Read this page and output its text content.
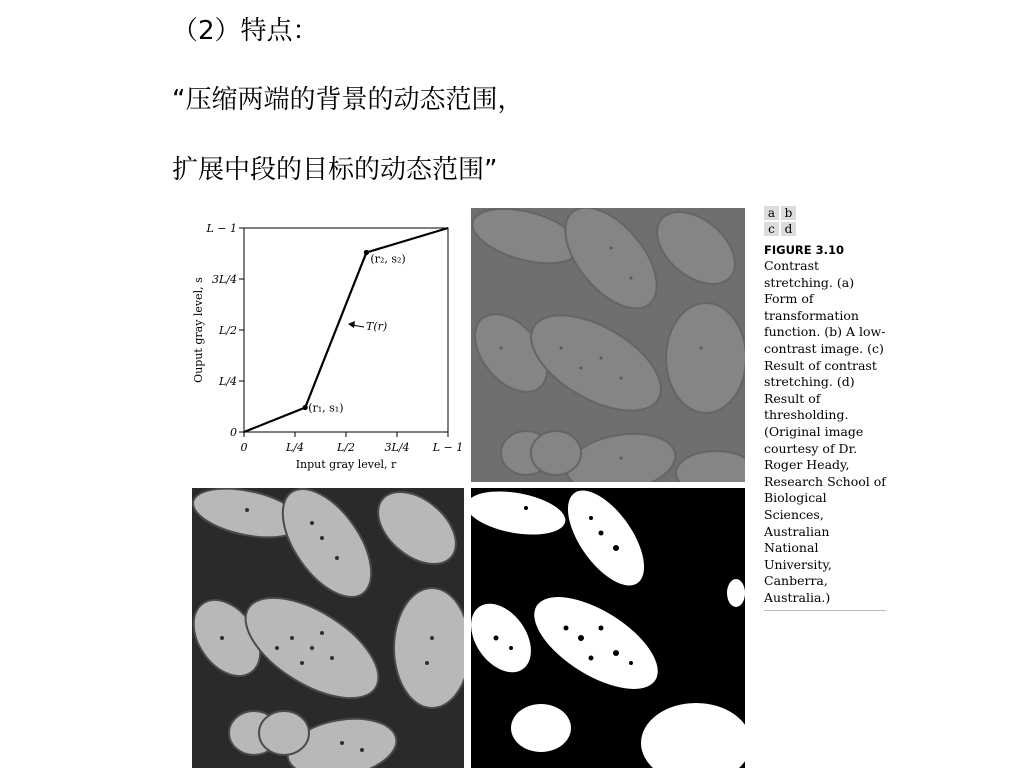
（2）特点：
“压缩两端的背景的动态范围，
扩展中段的目标的动态范围”
0
L/4
L/2
3L/4
L − 1
0	L/4	L/2	3L/4 L − 1
Ouput gray level, s
Input gray level, r
(r₁, s₁)
(r₂, s₂)
T(r)
a b
c d
FIGURE 3.10

Contrast stretching. (a) Form of transformation function. (b) A low-contrast image. (c) Result of contrast stretching. (d) Result of thresholding. (Original image courtesy of Dr. Roger Heady, Research School of Biological Sciences, Australian National University, Canberra, Australia.)
